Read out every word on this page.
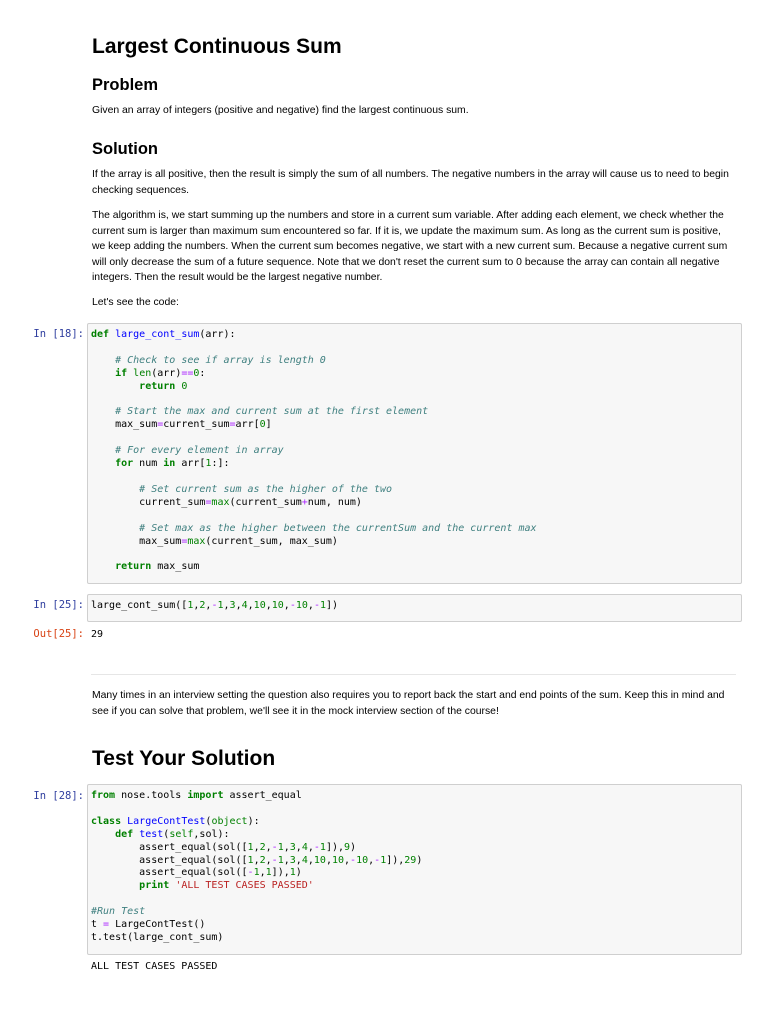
Largest Continuous Sum
Problem

Given an array of integers (positive and negative) find the largest continuous sum.

Solution

If the array is all positive, then the result is simply the sum of all numbers. The negative numbers in the array will cause us to need to begin checking sequences.

The algorithm is, we start summing up the numbers and store in a current sum variable. After adding each element, we check whether the current sum is larger than maximum sum encountered so far. If it is, we update the maximum sum. As long as the current sum is positive, we keep adding the numbers. When the current sum becomes negative, we start with a new current sum. Because a negative current sum will only decrease the sum of a future sequence. Note that we don't reset the current sum to 0 because the array can contain all negative integers. Then the result would be the largest negative number.

Let's see the code:

In [18]: def large_cont_sum(arr):

# Check to see if array is length 0
if len(arr)==0:
return 0

# Start the max and current sum at the first element
max_sum=current_sum=arr[0]

# For every element in array
for num in arr[1:]:

# Set current sum as the higher of the two
current_sum=max(current_sum+num, num)

# Set max as the higher between the currentSum and the current max
max_sum=max(current_sum, max_sum)

return max_sum
In [25]: large_cont_sum([1,2,-1,3,4,10,10,-10,-1])
Out[25]: 29

Many times in an interview setting the question also requires you to report back the start and end points of the sum. Keep this in mind and see if you can solve that problem, we'll see it in the mock interview section of the course!

Test Your Solution
In [28]: from nose.tools import assert_equal

class LargeContTest(object):
def test(self,sol):
assert_equal(sol([1,2,-1,3,4,-1]),9)
assert_equal(sol([1,2,-1,3,4,10,10,-10,-1]),29)
assert_equal(sol([-1,1]),1)
print 'ALL TEST CASES PASSED'

#Run Test
t = LargeContTest()
t.test(large_cont_sum)
ALL TEST CASES PASSED
